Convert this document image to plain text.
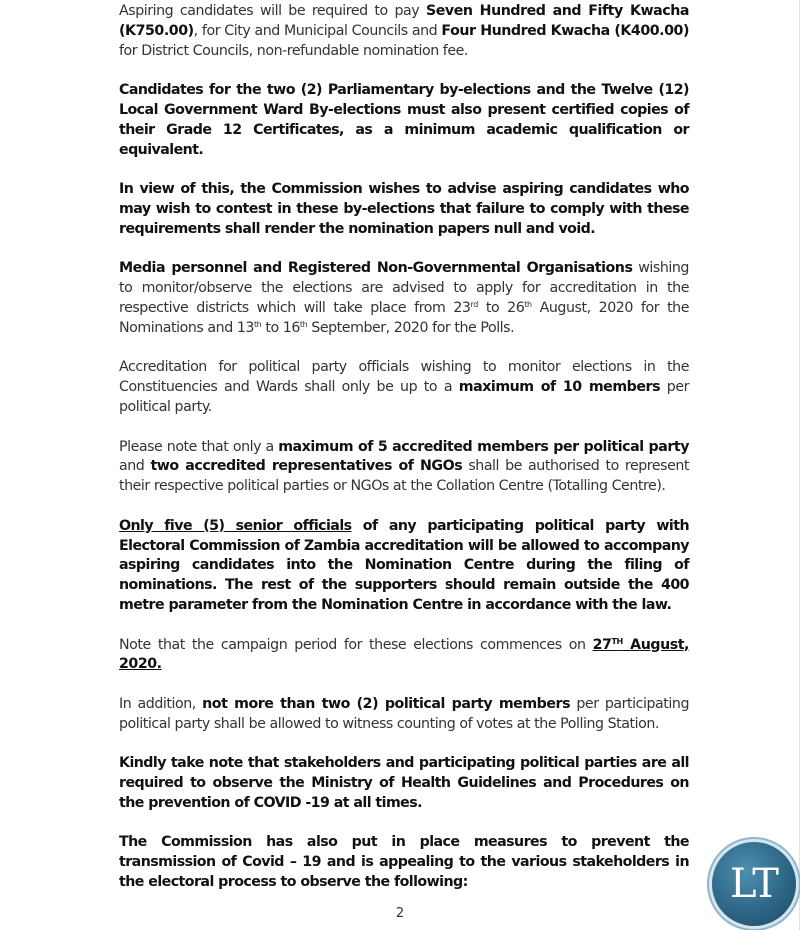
Aspiring candidates will be required to pay Seven Hundred and Fifty Kwacha (K750.00), for City and Municipal Councils and Four Hundred Kwacha (K400.00) for District Councils, non-refundable nomination fee.

Candidates for the two (2) Parliamentary by-elections and the Twelve (12) Local Government Ward By-elections must also present certified copies of their Grade 12 Certificates, as a minimum academic qualification or equivalent.

In view of this, the Commission wishes to advise aspiring candidates who may wish to contest in these by-elections that failure to comply with these requirements shall render the nomination papers null and void.

Media personnel and Registered Non-Governmental Organisations wishing to monitor/observe the elections are advised to apply for accreditation in the respective districts which will take place from 23rd to 26th August, 2020 for the Nominations and 13th to 16th September, 2020 for the Polls.

Accreditation for political party officials wishing to monitor elections in the Constituencies and Wards shall only be up to a maximum of 10 members per political party.

Please note that only a maximum of 5 accredited members per political party and two accredited representatives of NGOs shall be authorised to represent their respective political parties or NGOs at the Collation Centre (Totalling Centre).

Only five (5) senior officials of any participating political party with Electoral Commission of Zambia accreditation will be allowed to accompany aspiring candidates into the Nomination Centre during the filing of nominations. The rest of the supporters should remain outside the 400 metre parameter from the Nomination Centre in accordance with the law.

Note that the campaign period for these elections commences on 27TH August, 2020.

In addition, not more than two (2) political party members per participating political party shall be allowed to witness counting of votes at the Polling Station.

Kindly take note that stakeholders and participating political parties are all required to observe the Ministry of Health Guidelines and Procedures on the prevention of COVID -19 at all times.

The Commission has also put in place measures to prevent the transmission of Covid – 19 and is appealing to the various stakeholders in the electoral process to observe the following:

2
LT
